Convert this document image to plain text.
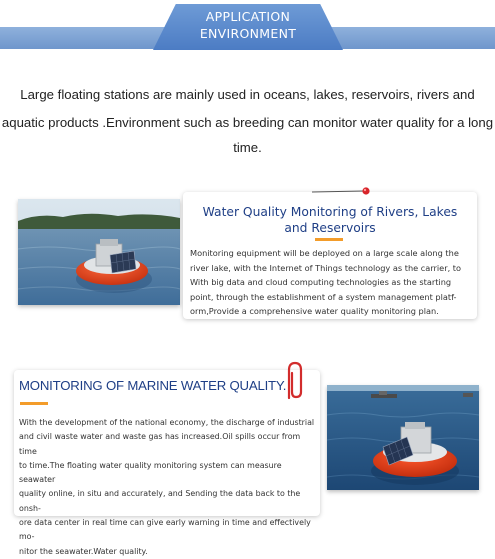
APPLICATION
ENVIRONMENT
Large floating stations are mainly used in oceans, lakes, reservoirs, rivers and
aquatic products .Environment such as breeding can monitor water quality for a long time.
Water Quality Monitoring of Rivers, Lakes
and Reservoirs
Monitoring equipment will be deployed on a large scale along the
river lake, with the Internet of Things technology as the carrier, to
With big data and cloud computing technologies as the starting
point, through the establishment of a system management platf-
orm,Provide a comprehensive water quality monitoring plan.
MONITORING OF MARINE WATER QUALITY.
With the development of the national economy, the discharge of industrial
and civil waste water and waste gas has increased.Oil spills occur from time
to time.The floating water quality monitoring system can measure seawater
quality online, in situ and accurately, and Sending the data back to the onsh-
ore data center in real time can give early warning in time and effectively mo-
nitor the seawater.Water quality.
